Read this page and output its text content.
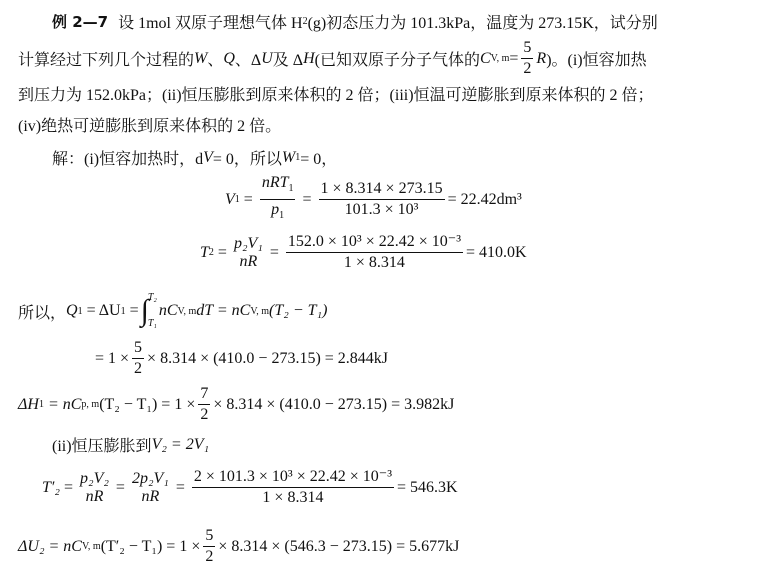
例 2—7 设 1mol 双原子理想气体 H 2 (g)初态压力为 101.3kPa，温度为 273.15K，试分别
计算经过下列几个过程的 W 、 Q 、Δ U 及 Δ H (已知双原子分子气体的 C V, $m = \frac{5}{2}$ R )。(i)恒容加热
到压力为 152.0kPa；(ii)恒压膨胀到原来体积的 2 倍；(iii)恒温可逆膨胀到原来体积的 2 倍；
(iv)绝热可逆膨胀到原来体积的 2 倍。
解：(i)恒容加热时，d V = 0，所以 W 1 = 0，
V 1 =
nRT$_1$
$p_1$
= $\frac{1 \times 8.314 \times 273.15}{\text{101.3 × 10³}} = 22.42dm^3$
T 2 =
p₂V₁
nR
= $\frac{\text{152.0 × 10³ × 22.42 × 10⁻³}}{1 \times 8.314} = 410.0K$
所以， Q 1
= ΔU 1
= ∫ T₂
T₁
nC V, m dT =
nC V, m (T₂ − T₁)
= $1 \times \frac{5}{2} \times 8.314 \times (410.0 - 273.15) = 2.844kJ$
ΔH 1
= nC p, m $(T_2 - T_1) = 1 \times \frac{7}{2} \times 8.314 \times (410.0 - 273.15) = 3.982kJ$
(ii)恒压膨胀到 V₂ = 2V₁
T′₂ =
p₂V₂
nR
=
2p₂V₁
nR
= $\frac{\text{2 × 101.3 × 10³ × 22.42 × 10⁻³}}{1 \times 8.314} = 546.3K$
ΔU₂ = nC V, m $(T'_2 - T_1) = 1 \times \frac{5}{2} \times 8.314 \times (546.3 - 273.15) = 5.677kJ$
